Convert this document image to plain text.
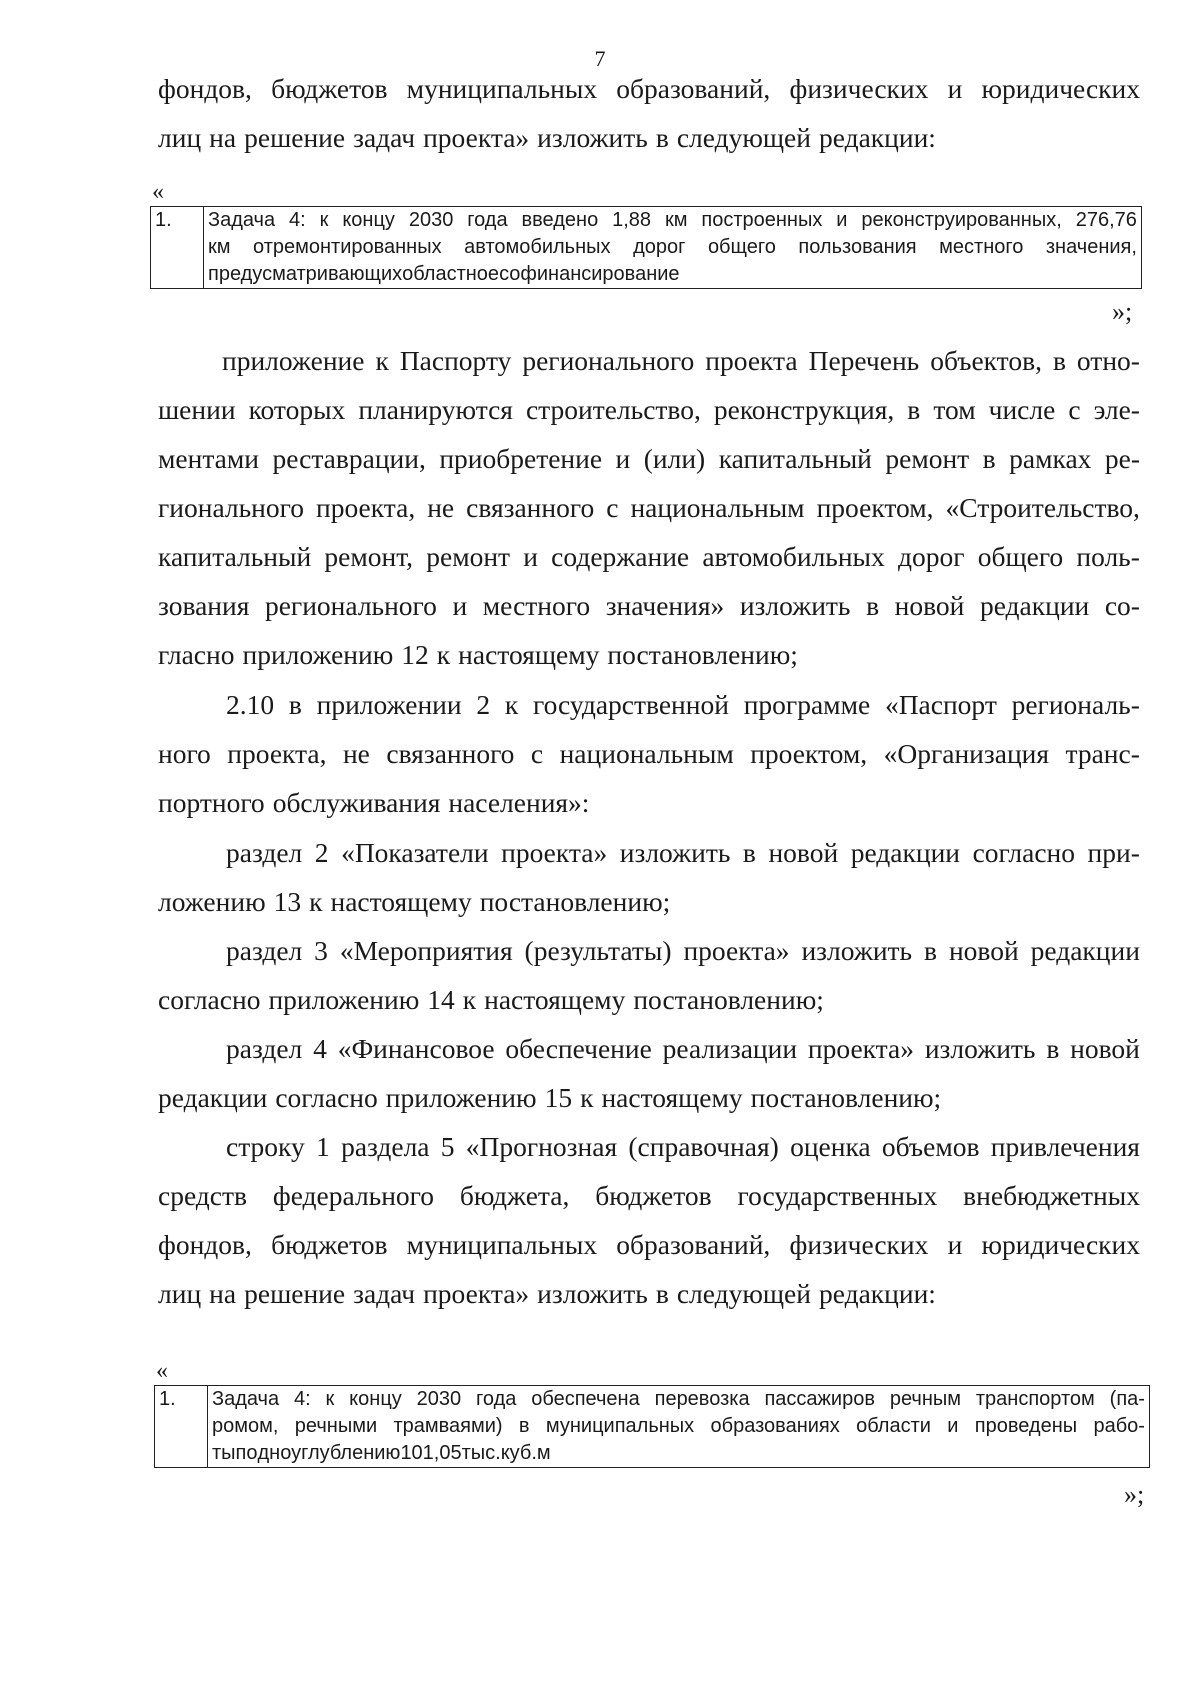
7
фондов, бюджетов муниципальных образований, физических и юридических
лиц на решение задач проекта» изложить в следующей редакции:
«
1.	Задача 4: к концу 2030 года введено 1,88 км построенных и реконструированных, 276,76
км отремонтированных автомобильных дорог общего пользования местного значения,
предусматривающих областное софинансирование
»;
приложение к Паспорту регионального проекта Перечень объектов, в отно-
шении которых планируются строительство, реконструкция, в том числе с эле-
ментами реставрации, приобретение и (или) капитальный ремонт в рамках ре-
гионального проекта, не связанного с национальным проектом, «Строительство,
капитальный ремонт, ремонт и содержание автомобильных дорог общего поль-
зования регионального и местного значения» изложить в новой редакции со-
гласно приложению 12 к настоящему постановлению;
2.10 в приложении 2 к государственной программе «Паспорт региональ-
ного проекта, не связанного с национальным проектом, «Организация транс-
портного обслуживания населения»:
раздел 2 «Показатели проекта» изложить в новой редакции согласно при-
ложению 13 к настоящему постановлению;
раздел 3 «Мероприятия (результаты) проекта» изложить в новой редакции
согласно приложению 14 к настоящему постановлению;
раздел 4 «Финансовое обеспечение реализации проекта» изложить в новой
редакции согласно приложению 15 к настоящему постановлению;
строку 1 раздела 5 «Прогнозная (справочная) оценка объемов привлечения
средств федерального бюджета, бюджетов государственных внебюджетных
фондов, бюджетов муниципальных образований, физических и юридических
лиц на решение задач проекта» изложить в следующей редакции:
«
1.	Задача 4: к концу 2030 года обеспечена перевозка пассажиров речным транспортом (па-
ромом, речными трамваями) в муниципальных образованиях области и проведены рабо-
ты по дноуглублению 101,05 тыс. куб. м
»;
